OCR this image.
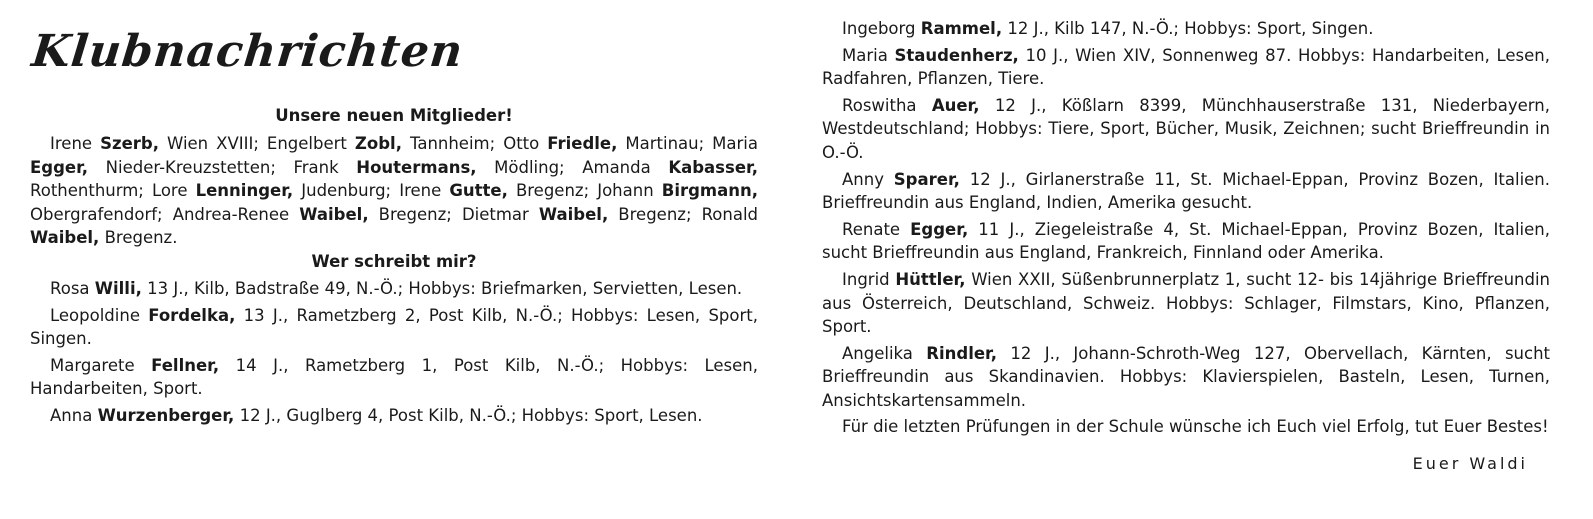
Klubnachrichten
Unsere neuen Mitglieder!
Irene Szerb, Wien XVIII; Engelbert Zobl, Tannheim; Otto Friedle, Martinau; Maria Egger, Nieder-Kreuzstetten; Frank Houtermans, Mödling; Amanda Kabasser, Rothenthurm; Lore Lenninger, Judenburg; Irene Gutte, Bregenz; Johann Birgmann, Obergrafendorf; Andrea-Renee Waibel, Bregenz; Dietmar Waibel, Bregenz; Ronald Waibel, Bregenz.
Wer schreibt mir?
Rosa Willi, 13 J., Kilb, Badstraße 49, N.-Ö.; Hobbys: Briefmarken, Servietten, Lesen.
Leopoldine Fordelka, 13 J., Rametzberg 2, Post Kilb, N.-Ö.; Hobbys: Lesen, Sport, Singen.
Margarete Fellner, 14 J., Rametzberg 1, Post Kilb, N.-Ö.; Hobbys: Lesen, Handarbeiten, Sport.
Anna Wurzenberger, 12 J., Guglberg 4, Post Kilb, N.-Ö.; Hobbys: Sport, Lesen.
Ingeborg Rammel, 12 J., Kilb 147, N.-Ö.; Hobbys: Sport, Singen.
Maria Staudenherz, 10 J., Wien XIV, Sonnenweg 87. Hobbys: Handarbeiten, Lesen, Radfahren, Pflanzen, Tiere.
Roswitha Auer, 12 J., Kößlarn 8399, Münchhauserstraße 131, Niederbayern, Westdeutschland; Hobbys: Tiere, Sport, Bücher, Musik, Zeichnen; sucht Brieffreundin in O.-Ö.
Anny Sparer, 12 J., Girlanerstraße 11, St. Michael-Eppan, Provinz Bozen, Italien. Brieffreundin aus England, Indien, Amerika gesucht.
Renate Egger, 11 J., Ziegeleistraße 4, St. Michael-Eppan, Provinz Bozen, Italien, sucht Brieffreundin aus England, Frankreich, Finnland oder Amerika.
Ingrid Hüttler, Wien XXII, Süßenbrunnerplatz 1, sucht 12- bis 14jährige Brieffreundin aus Österreich, Deutschland, Schweiz. Hobbys: Schlager, Filmstars, Kino, Pflanzen, Sport.
Angelika Rindler, 12 J., Johann-Schroth-Weg 127, Obervellach, Kärnten, sucht Brieffreundin aus Skandinavien. Hobbys: Klavierspielen, Basteln, Lesen, Turnen, Ansichtskartensammeln.
Für die letzten Prüfungen in der Schule wünsche ich Euch viel Erfolg, tut Euer Bestes!
Euer Waldi
